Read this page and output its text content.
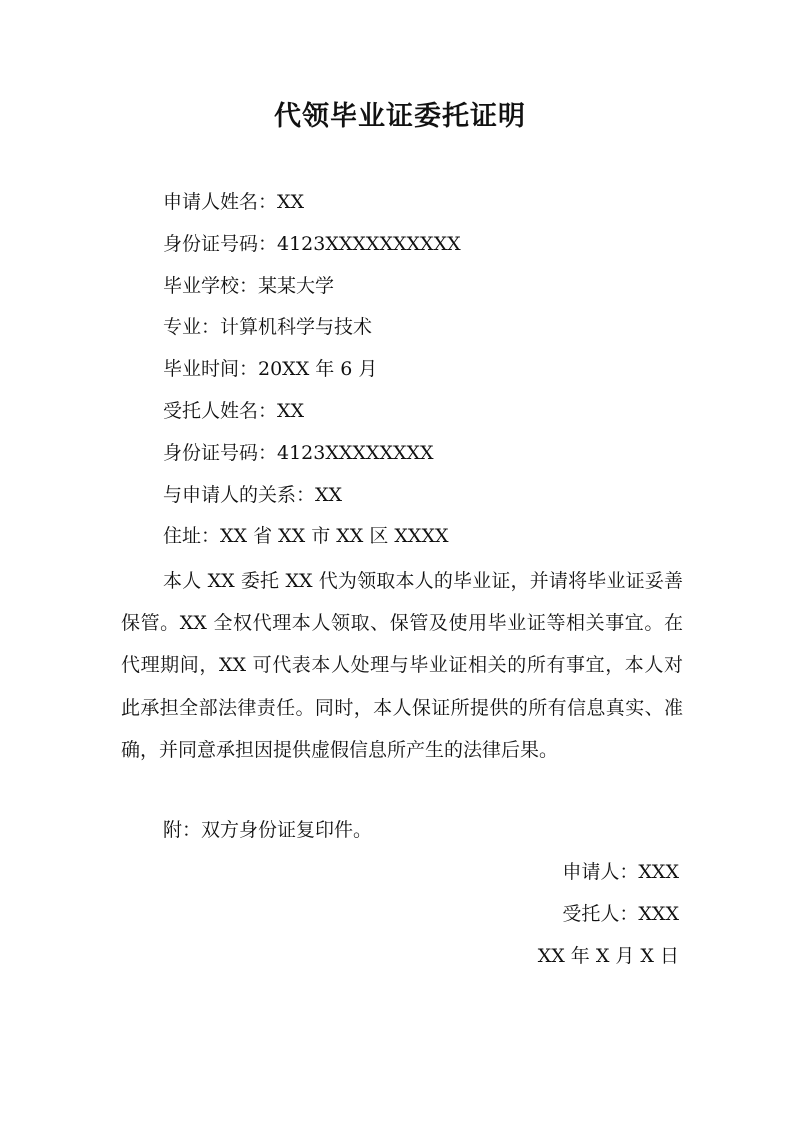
代领毕业证委托证明
申请人姓名：XX
身份证号码：4123XXXXXXXXXX
毕业学校：某某大学
专业：计算机科学与技术
毕业时间：20XX 年 6 月
受托人姓名：XX
身份证号码：4123XXXXXXXX
与申请人的关系：XX
住址：XX 省 XX 市 XX 区 XXXX

本人 XX 委托 XX 代为领取本人的毕业证，并请将毕业证妥善保管。XX 全权代理本人领取、保管及使用毕业证等相关事宜。在代理期间，XX 可代表本人处理与毕业证相关的所有事宜，本人对此承担全部法律责任。同时，本人保证所提供的所有信息真实、准确，并同意承担因提供虚假信息所产生的法律后果。

附：双方身份证复印件。
申请人：XXX
受托人：XXX
XX 年 X 月 X 日
